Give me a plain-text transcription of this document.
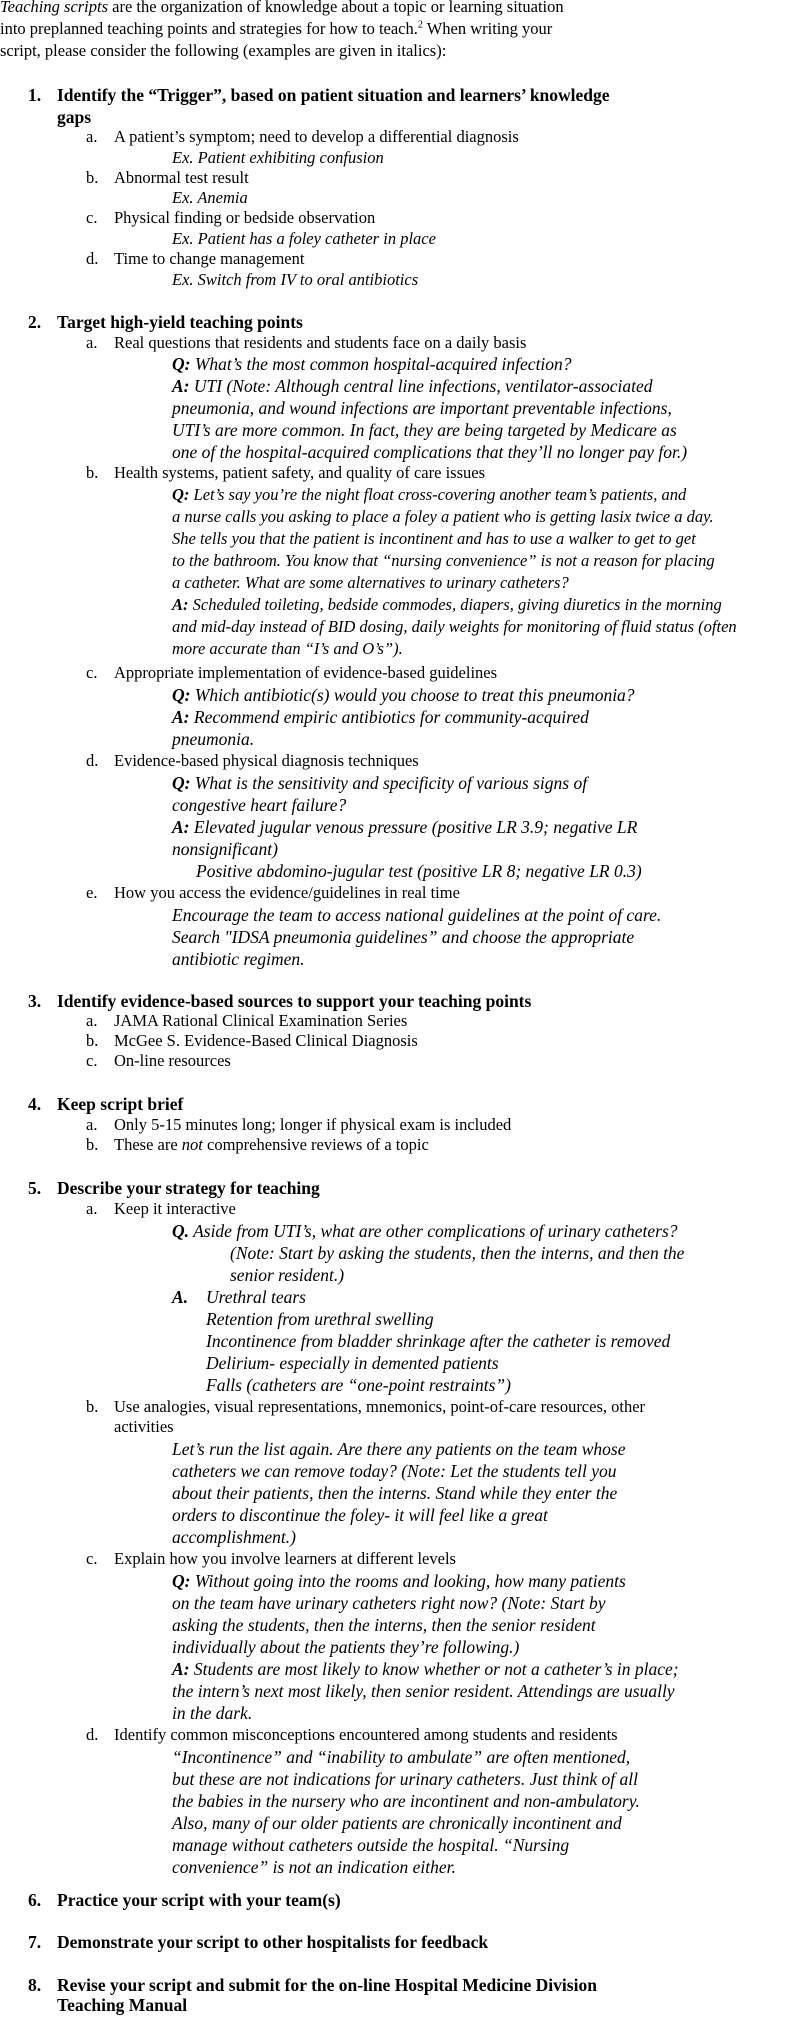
Teaching scripts are the organization of knowledge about a topic or learning situation
into preplanned teaching points and strategies for how to teach.$^2$ When writing your
script, please consider the following (examples are given in italics):
1. Identify the “Trigger”, based on patient situation and learners’ knowledge
gaps
a. A patient’s symptom; need to develop a differential diagnosis
Ex. Patient exhibiting confusion
b. Abnormal test result
Ex. Anemia
c. Physical finding or bedside observation
Ex. Patient has a foley catheter in place
d. Time to change management
Ex. Switch from IV to oral antibiotics
2. Target high-yield teaching points
a. Real questions that residents and students face on a daily basis
Q: What’s the most common hospital-acquired infection?
A: UTI (Note: Although central line infections, ventilator-associated
pneumonia, and wound infections are important preventable infections,
UTI’s are more common. In fact, they are being targeted by Medicare as
one of the hospital-acquired complications that they’ll no longer pay for.)
b. Health systems, patient safety, and quality of care issues
Q: Let’s say you’re the night float cross-covering another team’s patients, and
a nurse calls you asking to place a foley a patient who is getting lasix twice a day.
She tells you that the patient is incontinent and has to use a walker to get to get
to the bathroom. You know that “nursing convenience” is not a reason for placing
a catheter. What are some alternatives to urinary catheters?
A: Scheduled toileting, bedside commodes, diapers, giving diuretics in the morning
and mid-day instead of BID dosing, daily weights for monitoring of fluid status (often
more accurate than “I’s and O’s”).
c. Appropriate implementation of evidence-based guidelines
Q: Which antibiotic(s) would you choose to treat this pneumonia?
A: Recommend empiric antibiotics for community-acquired
pneumonia.
d. Evidence-based physical diagnosis techniques
Q: What is the sensitivity and specificity of various signs of
congestive heart failure?
A: Elevated jugular venous pressure (positive LR 3.9; negative LR
nonsignificant)
Positive abdomino-jugular test (positive LR 8; negative LR 0.3)
e. How you access the evidence/guidelines in real time
Encourage the team to access national guidelines at the point of care.
Search "IDSA pneumonia guidelines” and choose the appropriate
antibiotic regimen.
3. Identify evidence-based sources to support your teaching points
a. JAMA Rational Clinical Examination Series
b. McGee S. Evidence-Based Clinical Diagnosis
c. On-line resources
4. Keep script brief
a. Only 5-15 minutes long; longer if physical exam is included
b. These are not comprehensive reviews of a topic
5. Describe your strategy for teaching
a. Keep it interactive
Q. Aside from UTI’s, what are other complications of urinary catheters?
(Note: Start by asking the students, then the interns, and then the
senior resident.)
A. Urethral tears
Retention from urethral swelling
Incontinence from bladder shrinkage after the catheter is removed
Delirium- especially in demented patients
Falls (catheters are “one-point restraints”)
b. Use analogies, visual representations, mnemonics, point-of-care resources, other
activities
Let’s run the list again. Are there any patients on the team whose
catheters we can remove today? (Note: Let the students tell you
about their patients, then the interns. Stand while they enter the
orders to discontinue the foley- it will feel like a great
accomplishment.)
c. Explain how you involve learners at different levels
Q: Without going into the rooms and looking, how many patients
on the team have urinary catheters right now? (Note: Start by
asking the students, then the interns, then the senior resident
individually about the patients they’re following.)
A: Students are most likely to know whether or not a catheter’s in place;
the intern’s next most likely, then senior resident. Attendings are usually
in the dark.
d. Identify common misconceptions encountered among students and residents
“Incontinence” and “inability to ambulate” are often mentioned,
but these are not indications for urinary catheters. Just think of all
the babies in the nursery who are incontinent and non-ambulatory.
Also, many of our older patients are chronically incontinent and
manage without catheters outside the hospital. “Nursing
convenience” is not an indication either.
6. Practice your script with your team(s)
7. Demonstrate your script to other hospitalists for feedback
8. Revise your script and submit for the on-line Hospital Medicine Division
Teaching Manual
